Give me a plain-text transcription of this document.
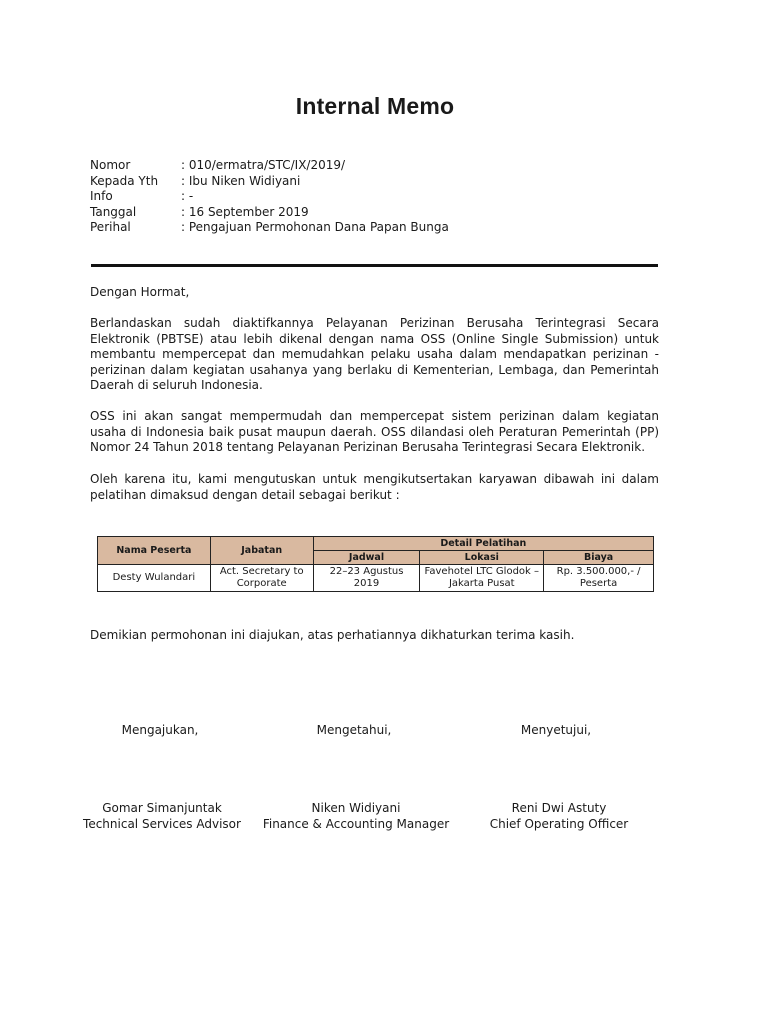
Internal Memo
Nomor	: 010/ermatra/STC/IX/2019/
Kepada Yth	: Ibu Niken Widiyani
Info	: -
Tanggal	: 16 September 2019
Perihal	: Pengajuan Permohonan Dana Papan Bunga
Dengan Hormat,
Berlandaskan sudah diaktifkannya Pelayanan Perizinan Berusaha Terintegrasi Secara Elektronik (PBTSE) atau lebih dikenal dengan nama OSS (Online Single Submission) untuk membantu mempercepat dan memudahkan pelaku usaha dalam mendapatkan perizinan - perizinan dalam kegiatan usahanya yang berlaku di Kementerian, Lembaga, dan Pemerintah Daerah di seluruh Indonesia.
OSS ini akan sangat mempermudah dan mempercepat sistem perizinan dalam kegiatan usaha di Indonesia baik pusat maupun daerah. OSS dilandasi oleh Peraturan Pemerintah (PP) Nomor 24 Tahun 2018 tentang Pelayanan Perizinan Berusaha Terintegrasi Secara Elektronik.
Oleh karena itu, kami mengutuskan untuk mengikutsertakan karyawan dibawah ini dalam pelatihan dimaksud dengan detail sebagai berikut :
Nama Peserta	Jabatan	Detail Pelatihan		
		Jadwal	Lokasi	Biaya
Desty Wulandari	Act. Secretary to Corporate	22–23 Agustus 2019	Favehotel LTC Glodok – Jakarta Pusat	Rp. 3.500.000,- / Peserta
Demikian permohonan ini diajukan, atas perhatiannya dikhaturkan terima kasih.
Mengajukan,	Mengetahui,	Menyetujui,
Gomar Simanjuntak
Technical Services Advisor
Niken Widiyani
Finance & Accounting Manager
Reni Dwi Astuty
Chief Operating Officer
